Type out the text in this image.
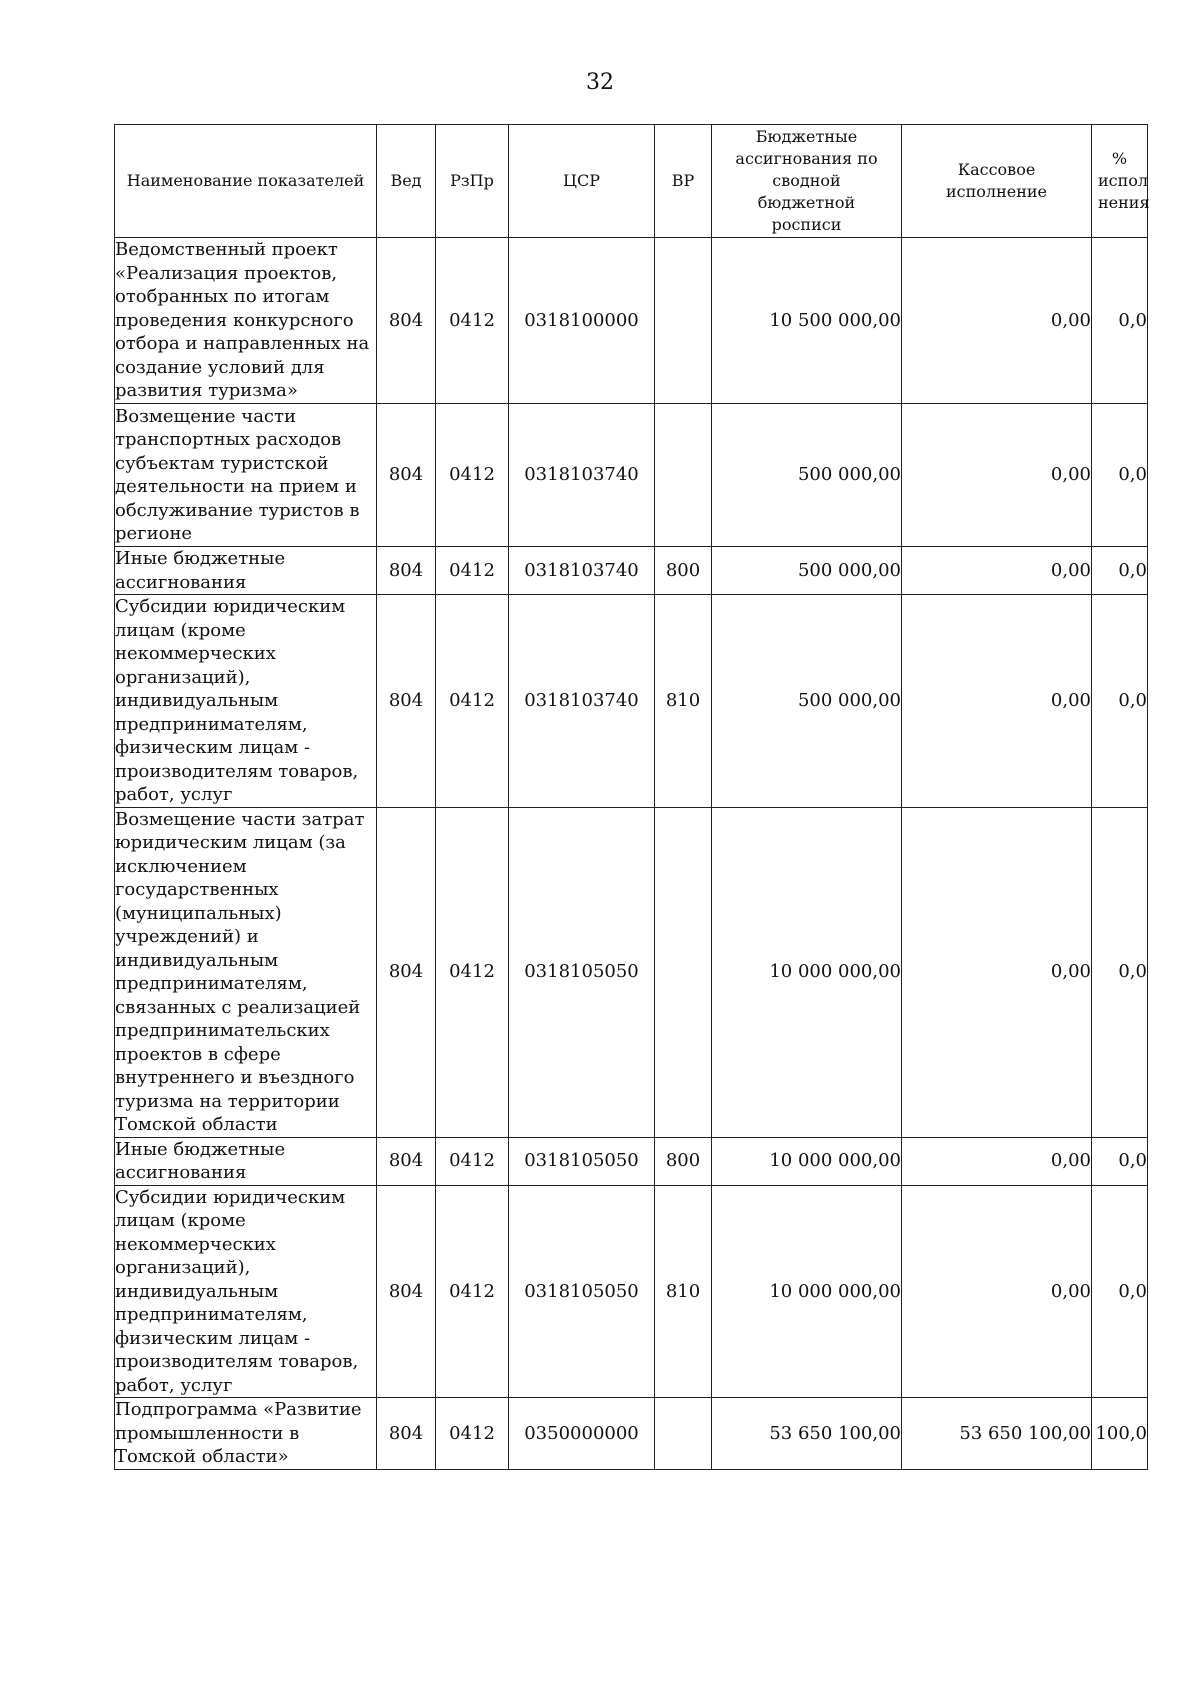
32
Наименование показателей	Вед	РзПр	ЦСР	ВР	Бюджетные ассигнования по сводной бюджетной росписи	Кассовое исполнение	% испол нения
Ведомственный проект «Реализация проектов, отобранных по итогам проведения конкурсного отбора и направленных на создание условий для развития туризма»	804	0412	0318100000		10 500 000,00	0,00	0,0
Возмещение части транспортных расходов субъектам туристской деятельности на прием и обслуживание туристов в регионе	804	0412	0318103740		500 000,00	0,00	0,0
Иные бюджетные ассигнования	804	0412	0318103740	800	500 000,00	0,00	0,0
Субсидии юридическим лицам (кроме некоммерческих организаций), индивидуальным предпринимателям, физическим лицам - производителям товаров, работ, услуг	804	0412	0318103740	810	500 000,00	0,00	0,0
Возмещение части затрат юридическим лицам (за исключением государственных (муниципальных) учреждений) и индивидуальным предпринимателям, связанных с реализацией предпринимательских проектов в сфере внутреннего и въездного туризма на территории Томской области	804	0412	0318105050		10 000 000,00	0,00	0,0
Иные бюджетные ассигнования	804	0412	0318105050	800	10 000 000,00	0,00	0,0
Субсидии юридическим лицам (кроме некоммерческих организаций), индивидуальным предпринимателям, физическим лицам - производителям товаров, работ, услуг	804	0412	0318105050	810	10 000 000,00	0,00	0,0
Подпрограмма «Развитие промышленности в Томской области»	804	0412	0350000000		53 650 100,00	53 650 100,00	100,0
